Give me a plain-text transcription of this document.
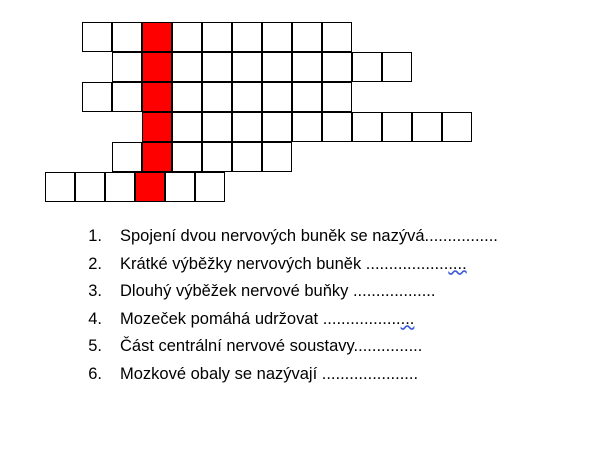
1.	Spojení dvou nervových buněk se nazývá................
2.	Krátké výběžky nervových buněk .................. ....
3.	Dlouhý výběžek nervové buňky ..................
4.	Mozeček pomáhá udržovat ................. ...
5.	Část centrální nervové soustavy...............
6.	Mozkové obaly se nazývají .....................
